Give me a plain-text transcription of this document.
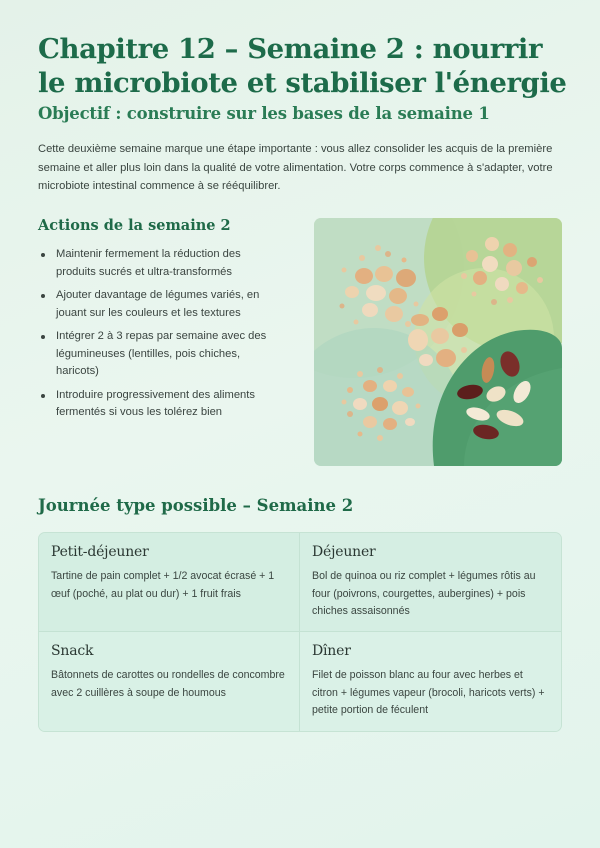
Chapitre 12 – Semaine 2 : nourrir le microbiote et stabiliser l'énergie
Objectif : construire sur les bases de la semaine 1

Cette deuxième semaine marque une étape importante : vous allez consolider les acquis de la première semaine et aller plus loin dans la qualité de votre alimentation. Votre corps commence à s'adapter, votre microbiote intestinal commence à se rééquilibrer.

Actions de la semaine 2
Maintenir fermement la réduction des produits sucrés et ultra-transformés
Ajouter davantage de légumes variés, en jouant sur les couleurs et les textures
Intégrer 2 à 3 repas par semaine avec des légumineuses (lentilles, pois chiches, haricots)
Introduire progressivement des aliments fermentés si vous les tolérez bien
Journée type possible – Semaine 2
Petit-déjeuner

Tartine de pain complet + 1/2 avocat écrasé + 1 œuf (poché, au plat ou dur) + 1 fruit frais

Déjeuner

Bol de quinoa ou riz complet + légumes rôtis au four (poivrons, courgettes, aubergines) + pois chiches assaisonnés

Snack

Bâtonnets de carottes ou rondelles de concombre avec 2 cuillères à soupe de houmous

Dîner

Filet de poisson blanc au four avec herbes et citron + légumes vapeur (brocoli, haricots verts) + petite portion de féculent
